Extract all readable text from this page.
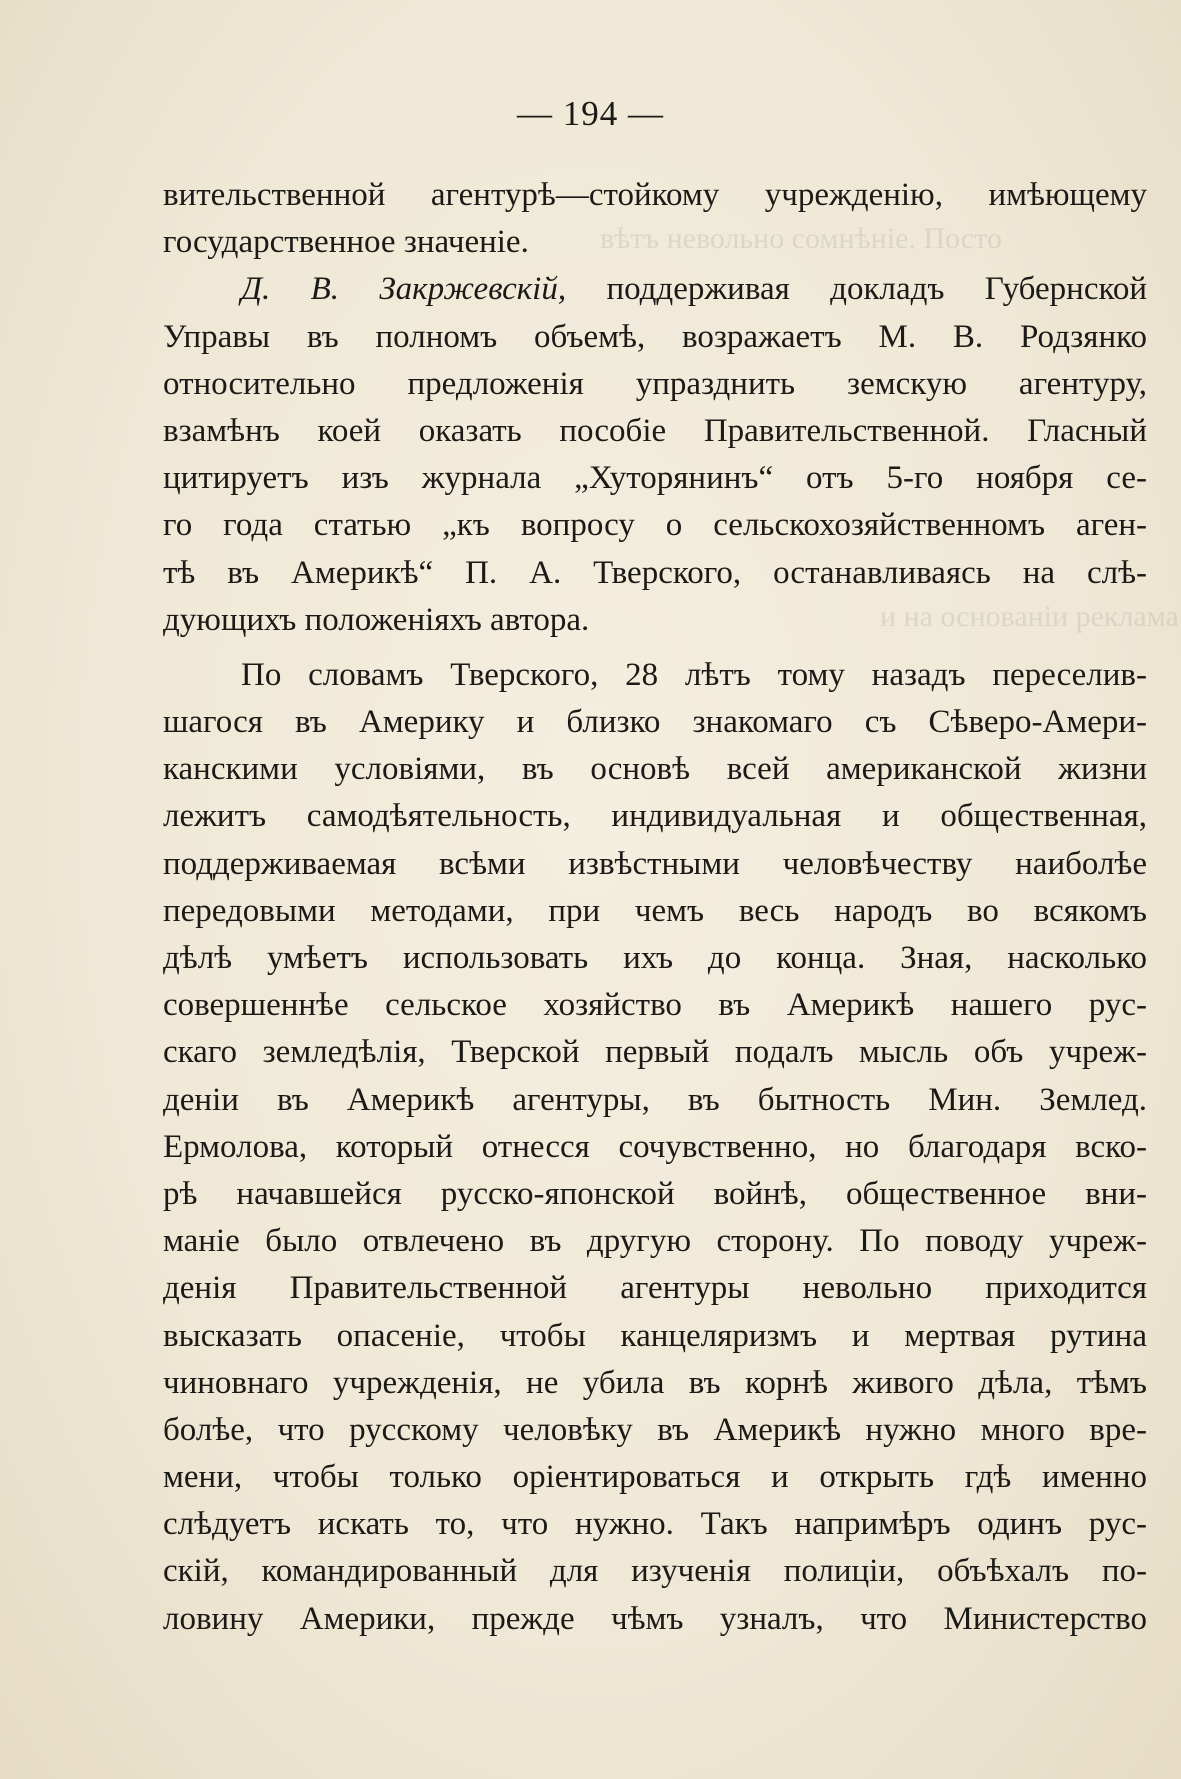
вѣтъ невольно сомнѣніе. Посто
и на основаніи реклама
— 194 —
вительственной агентурѣ—стойкому учрежденію, имѣющему
государственное значеніе.
Д. В. Закржевскій, поддерживая докладъ Губернской
Управы въ полномъ объемѣ, возражаетъ М. В. Родзянко
относительно предложенія упразднить земскую агентуру,
взамѣнъ коей оказать пособіе Правительственной. Гласный
цитируетъ изъ журнала „Хуторянинъ“ отъ 5-го ноября се-
го года статью „къ вопросу о сельскохозяйственномъ аген-
тѣ въ Америкѣ“ П. А. Тверского, останавливаясь на слѣ-
дующихъ положеніяхъ автора.
По словамъ Тверского, 28 лѣтъ тому назадъ переселив-
шагося въ Америку и близко знакомаго съ Сѣверо-Амери-
канскими условіями, въ основѣ всей американской жизни
лежитъ самодѣятельность, индивидуальная и общественная,
поддерживаемая всѣми извѣстными человѣчеству наиболѣе
передовыми методами, при чемъ весь народъ во всякомъ
дѣлѣ умѣетъ использовать ихъ до конца. Зная, насколько
совершеннѣе сельское хозяйство въ Америкѣ нашего рус-
скаго земледѣлія, Тверской первый подалъ мысль объ учреж-
деніи въ Америкѣ агентуры, въ бытность Мин. Землед.
Ермолова, который отнесся сочувственно, но благодаря вско-
рѣ начавшейся русско-японской войнѣ, общественное вни-
маніе было отвлечено въ другую сторону. По поводу учреж-
денія Правительственной агентуры невольно приходится
высказать опасеніе, чтобы канцеляризмъ и мертвая рутина
чиновнаго учрежденія, не убила въ корнѣ живого дѣла, тѣмъ
болѣе, что русскому человѣку въ Америкѣ нужно много вре-
мени, чтобы только оріентироваться и открыть гдѣ именно
слѣдуетъ искать то, что нужно. Такъ напримѣръ одинъ рус-
скій, командированный для изученія полиціи, объѣхалъ по-
ловину Америки, прежде чѣмъ узналъ, что Министерство
